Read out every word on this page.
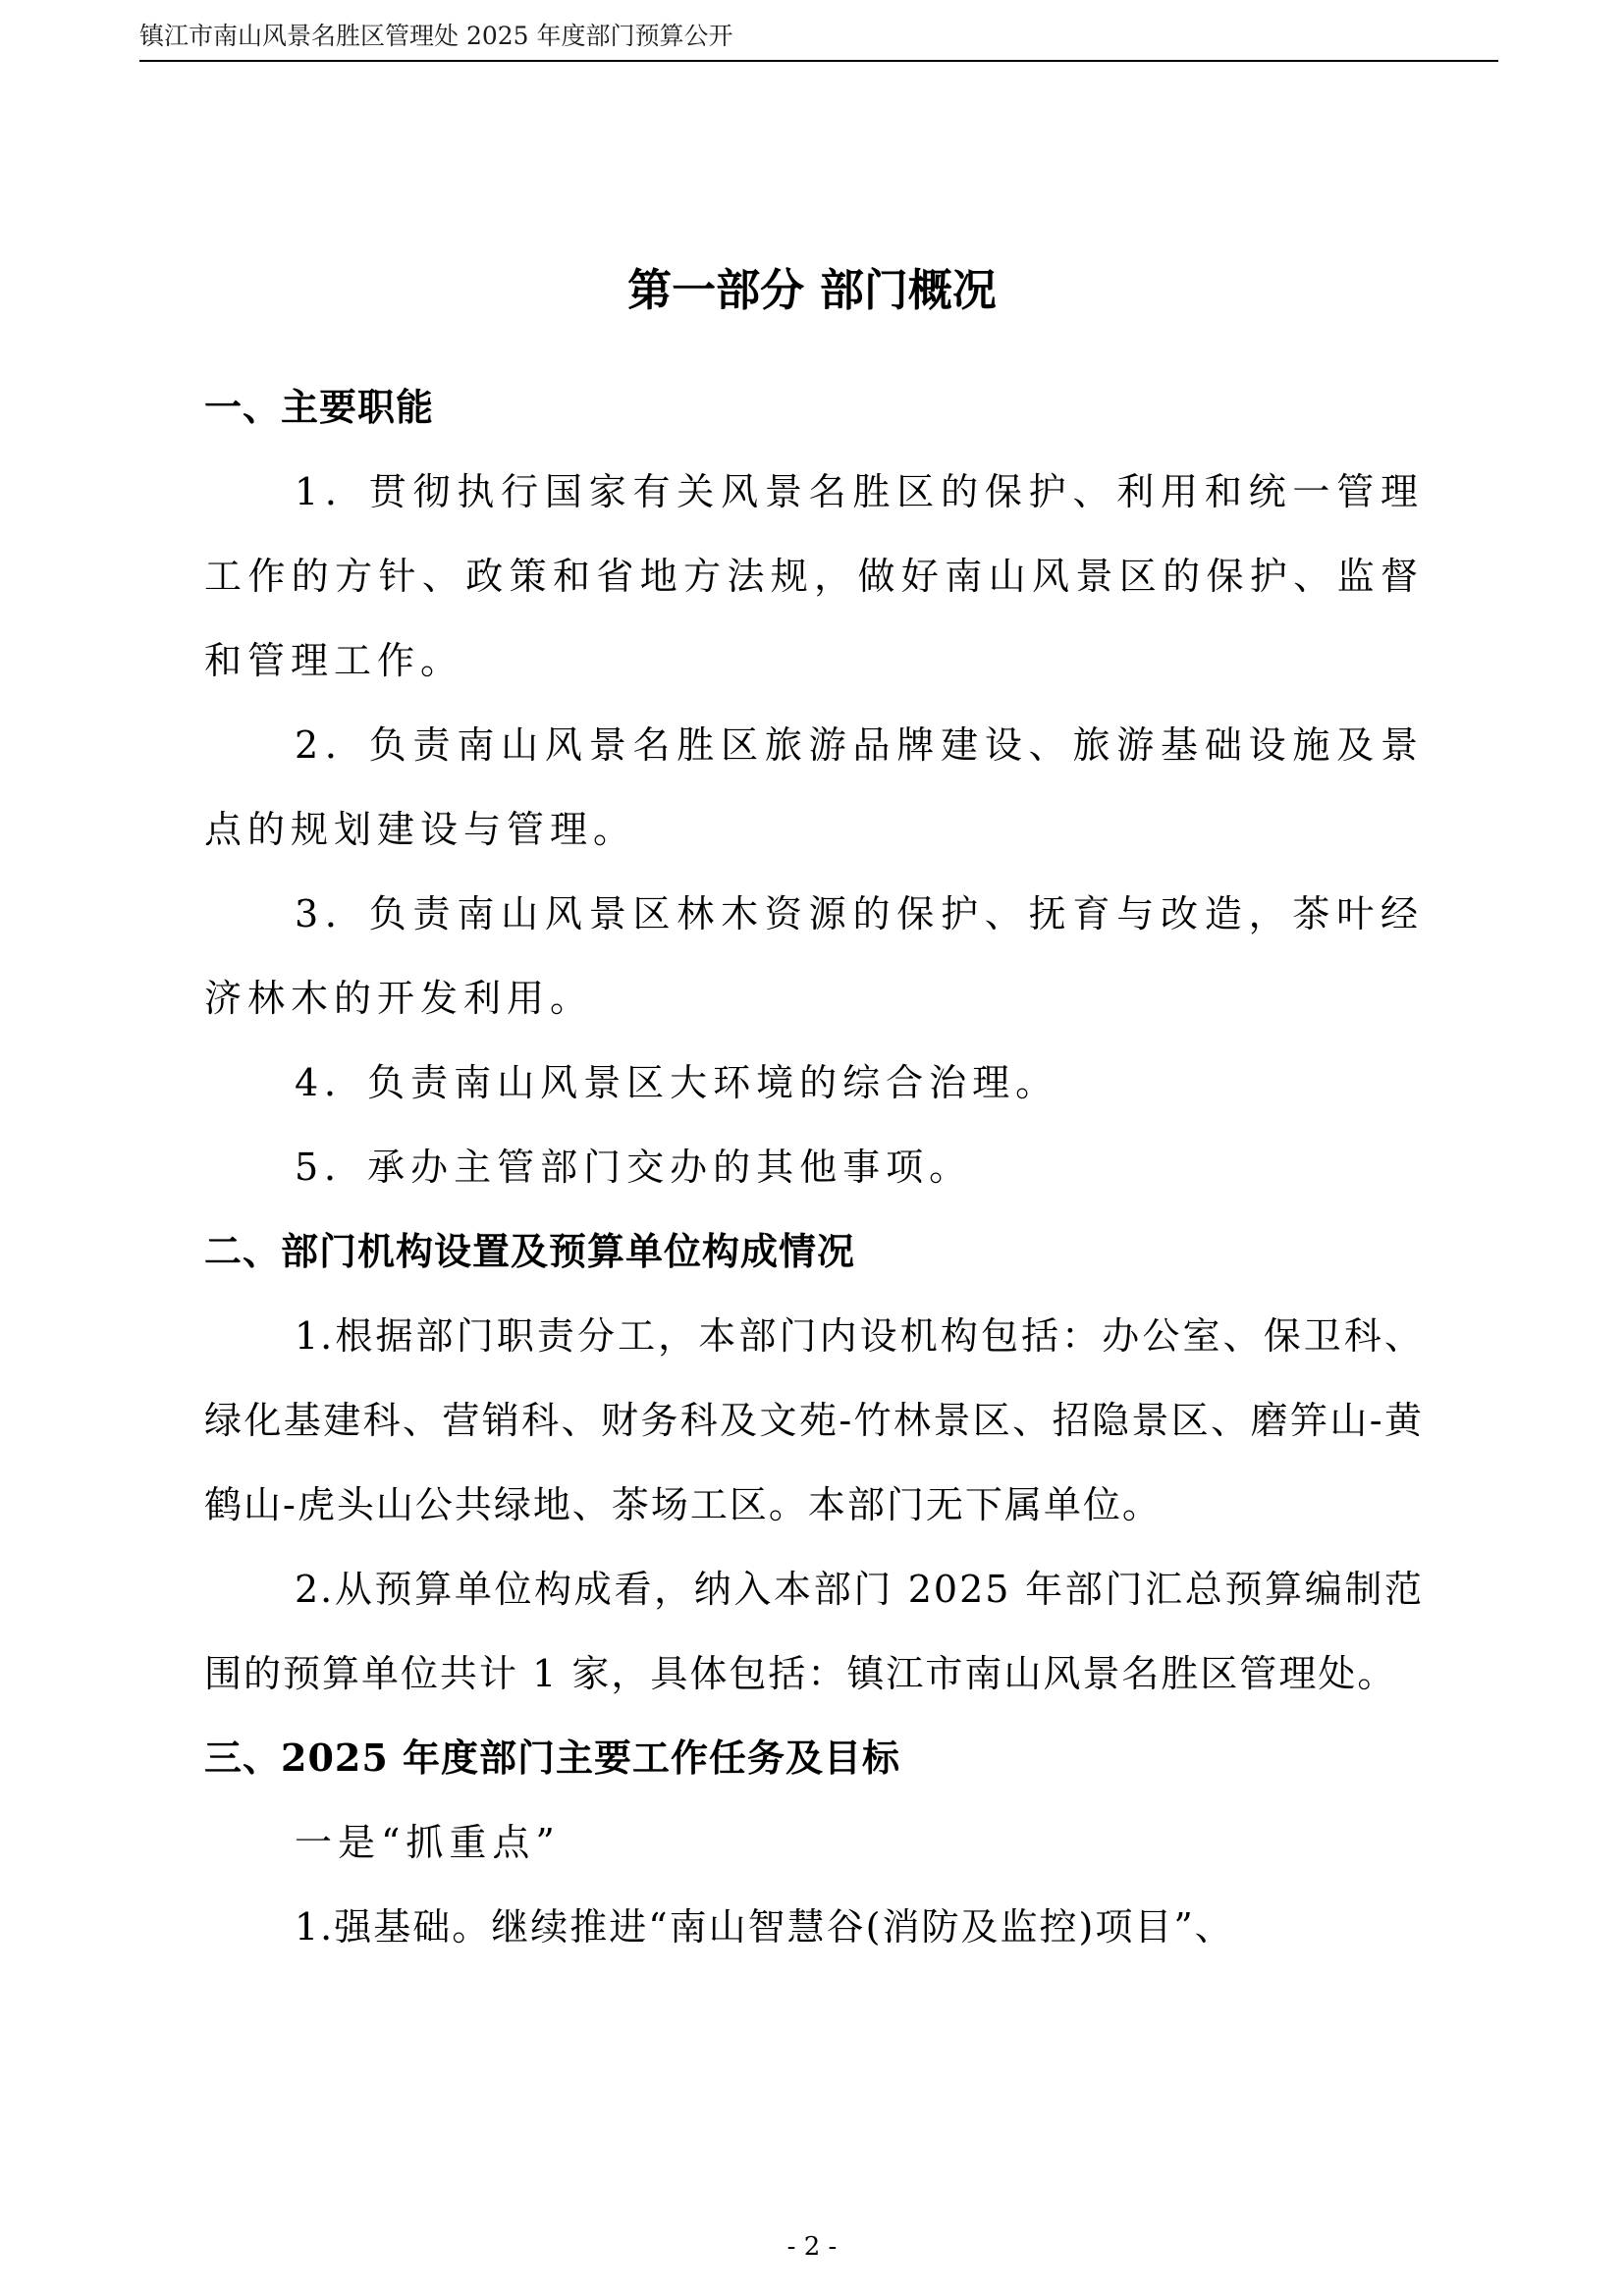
镇江市南山风景名胜区管理处 2025 年度部门预算公开
第一部分 部门概况

一、主要职能

1．贯彻执行国家有关风景名胜区的保护、利用和统一管理工作的方针、政策和省地方法规，做好南山风景区的保护、监督和管理工作。

2．负责南山风景名胜区旅游品牌建设、旅游基础设施及景点的规划建设与管理。

3．负责南山风景区林木资源的保护、抚育与改造，茶叶经济林木的开发利用。

4．负责南山风景区大环境的综合治理。

5．承办主管部门交办的其他事项。

二、部门机构设置及预算单位构成情况

1.根据部门职责分工，本部门内设机构包括：办公室、保卫科、绿化基建科、营销科、财务科及文苑-竹林景区、招隐景区、磨笄山-黄鹤山-虎头山公共绿地、茶场工区。本部门无下属单位。

2.从预算单位构成看，纳入本部门 2025 年部门汇总预算编制范围的预算单位共计 1 家，具体包括：镇江市南山风景名胜区管理处。

三、2025 年度部门主要工作任务及目标

一是“抓重点”

1.强基础。继续推进“南山智慧谷(消防及监控)项目”、

- 2 -
